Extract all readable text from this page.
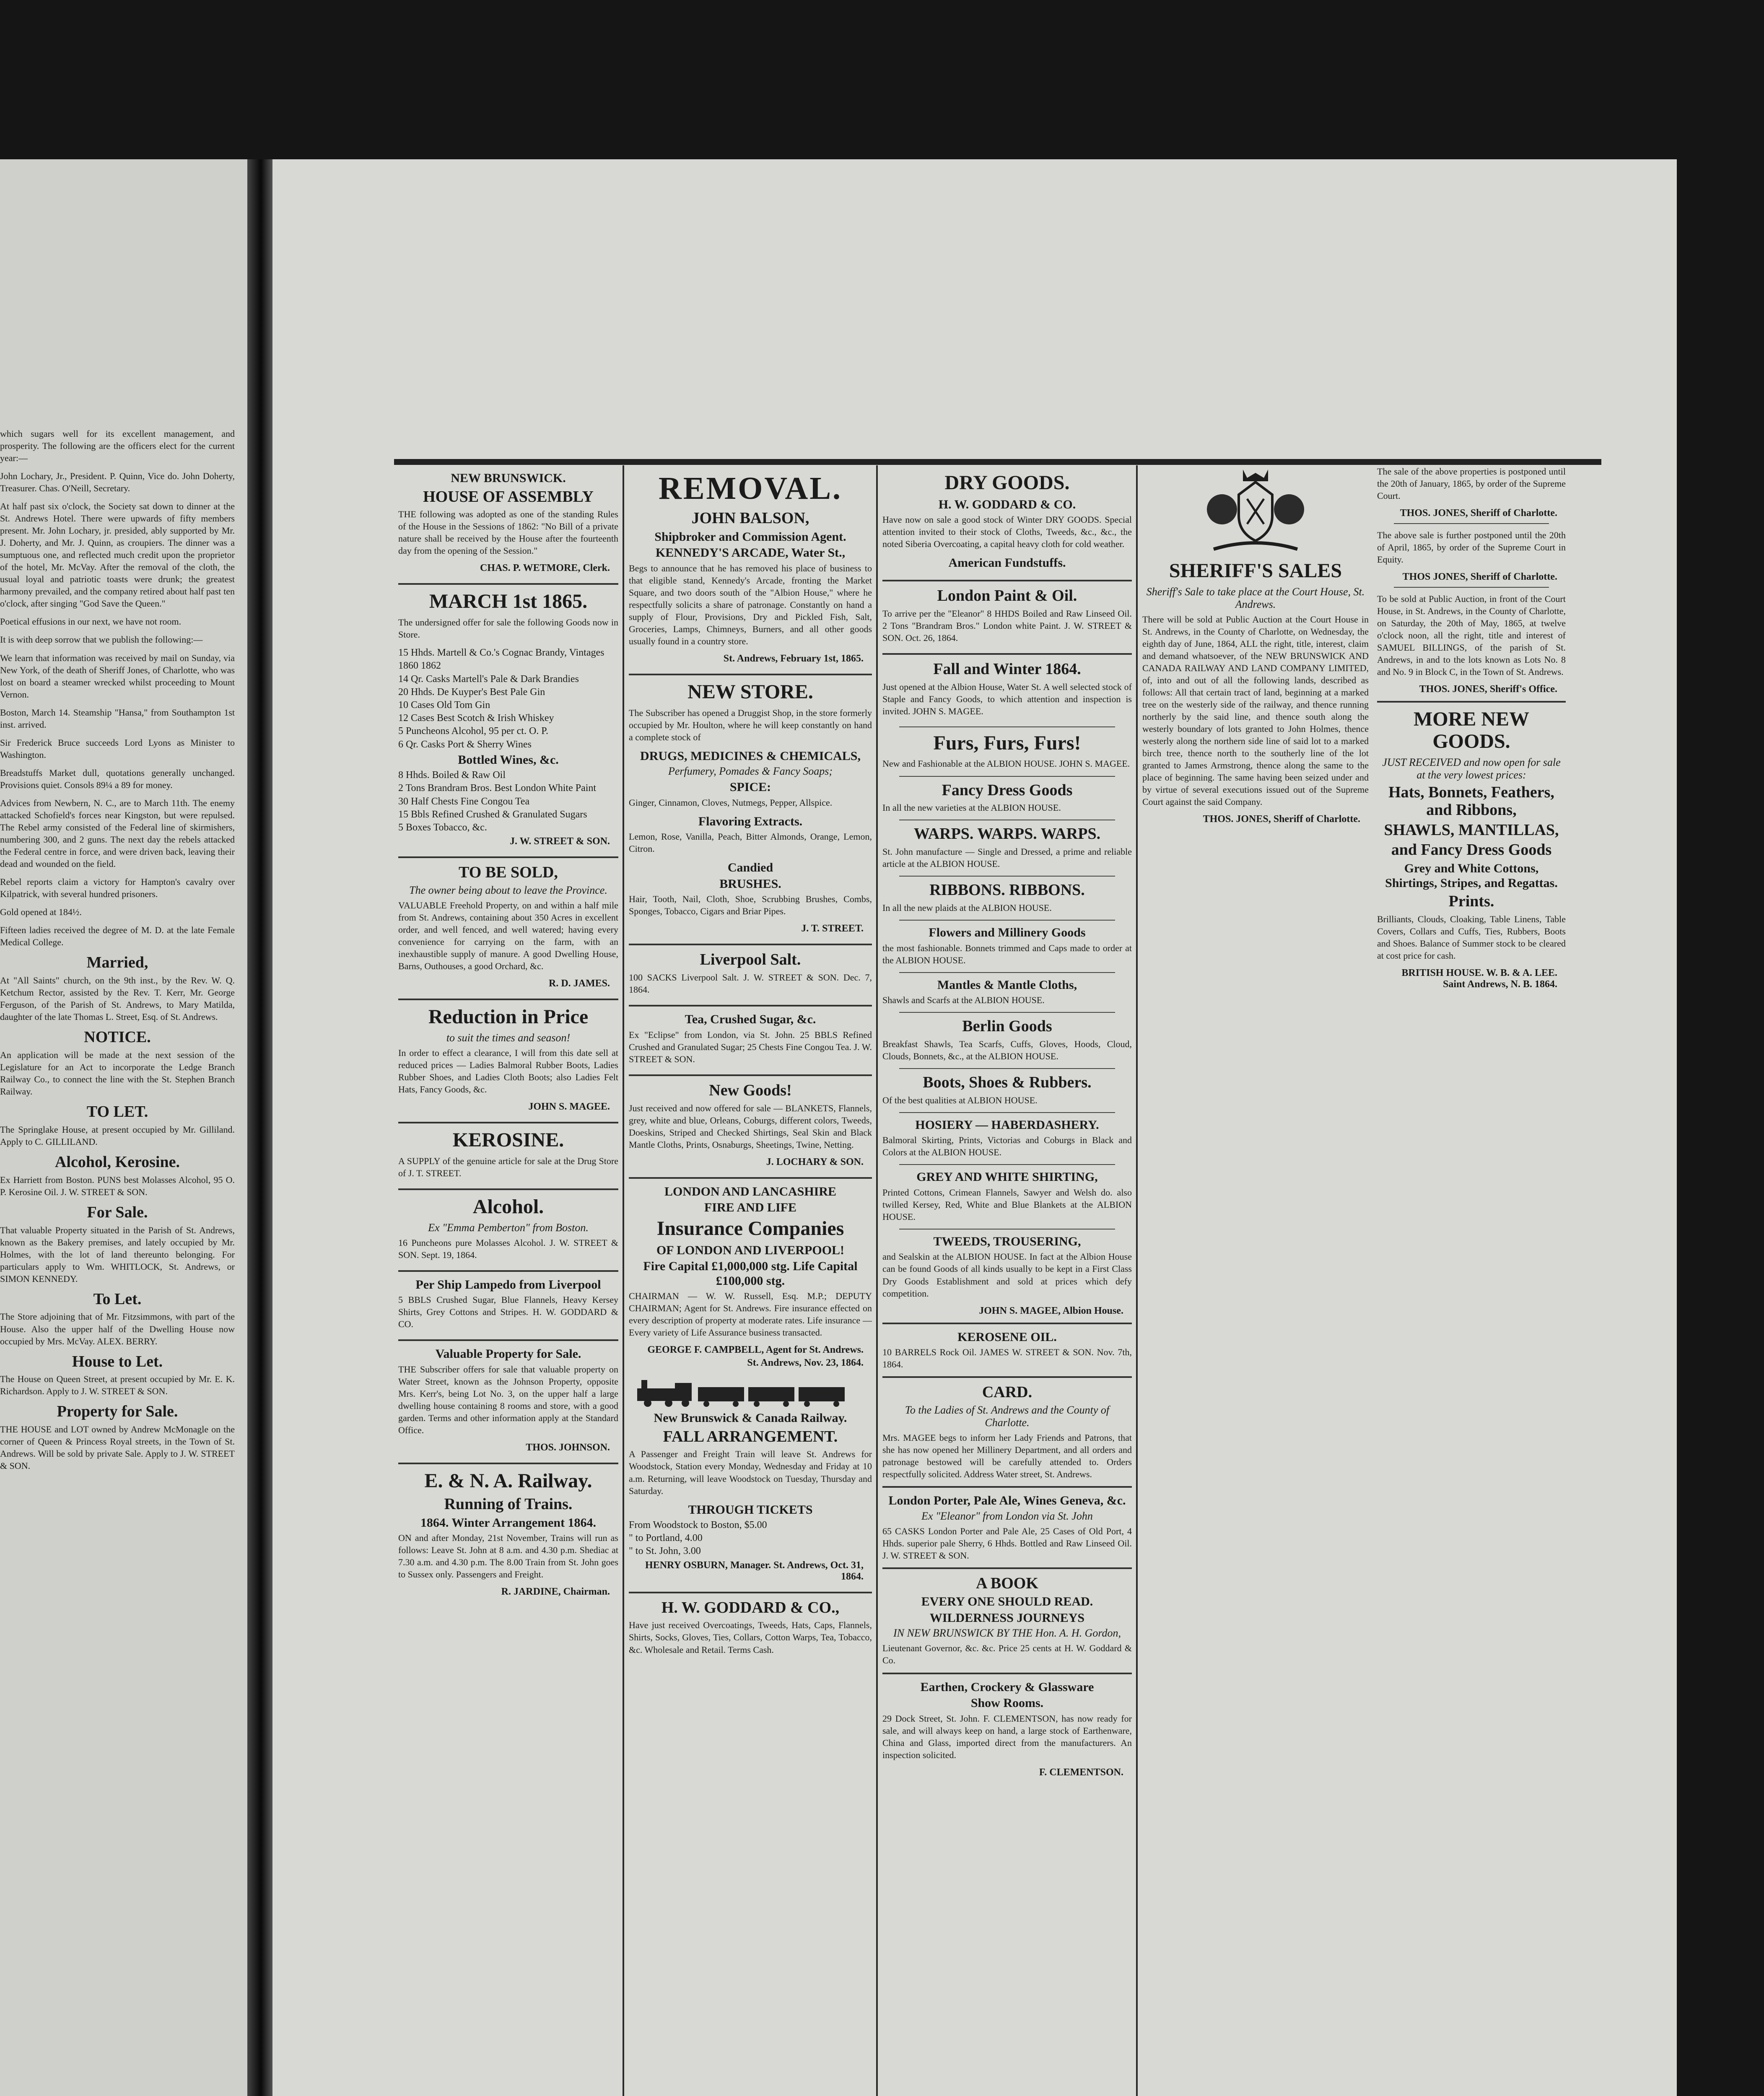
which sugars well for its excellent management, and prosperity. The following are the officers elect for the current year:—

John Lochary, Jr., President. P. Quinn, Vice do. John Doherty, Treasurer. Chas. O'Neill, Secretary.

At half past six o'clock, the Society sat down to dinner at the St. Andrews Hotel. There were upwards of fifty members present. Mr. John Lochary, jr. presided, ably supported by Mr. J. Doherty, and Mr. J. Quinn, as croupiers. The dinner was a sumptuous one, and reflected much credit upon the proprietor of the hotel, Mr. McVay. After the removal of the cloth, the usual loyal and patriotic toasts were drunk; the greatest harmony prevailed, and the company retired about half past ten o'clock, after singing "God Save the Queen."

Poetical effusions in our next, we have not room.

It is with deep sorrow that we publish the following:—

We learn that information was received by mail on Sunday, via New York, of the death of Sheriff Jones, of Charlotte, who was lost on board a steamer wrecked whilst proceeding to Mount Vernon.

Boston, March 14. Steamship "Hansa," from Southampton 1st inst. arrived.

Sir Frederick Bruce succeeds Lord Lyons as Minister to Washington.

Breadstuffs Market dull, quotations generally unchanged. Provisions quiet. Consols 89¼ a 89 for money.

Advices from Newbern, N. C., are to March 11th. The enemy attacked Schofield's forces near Kingston, but were repulsed. The Rebel army consisted of the Federal line of skirmishers, numbering 300, and 2 guns. The next day the rebels attacked the Federal centre in force, and were driven back, leaving their dead and wounded on the field.

Rebel reports claim a victory for Hampton's cavalry over Kilpatrick, with several hundred prisoners.

Gold opened at 184½.

Fifteen ladies received the degree of M. D. at the late Female Medical College.

Married,

At "All Saints" church, on the 9th inst., by the Rev. W. Q. Ketchum Rector, assisted by the Rev. T. Kerr, Mr. George Ferguson, of the Parish of St. Andrews, to Mary Matilda, daughter of the late Thomas L. Street, Esq. of St. Andrews.

NOTICE.

An application will be made at the next session of the Legislature for an Act to incorporate the Ledge Branch Railway Co., to connect the line with the St. Stephen Branch Railway.

TO LET.

The Springlake House, at present occupied by Mr. Gilliland. Apply to C. GILLILAND.

Alcohol, Kerosine.

Ex Harriett from Boston. PUNS best Molasses Alcohol, 95 O. P. Kerosine Oil. J. W. STREET & SON.

For Sale.

That valuable Property situated in the Parish of St. Andrews, known as the Bakery premises, and lately occupied by Mr. Holmes, with the lot of land thereunto belonging. For particulars apply to Wm. WHITLOCK, St. Andrews, or SIMON KENNEDY.

To Let.

The Store adjoining that of Mr. Fitzsimmons, with part of the House. Also the upper half of the Dwelling House now occupied by Mrs. McVay. ALEX. BERRY.

House to Let.

The House on Queen Street, at present occupied by Mr. E. K. Richardson. Apply to J. W. STREET & SON.

Property for Sale.

THE HOUSE and LOT owned by Andrew McMonagle on the corner of Queen & Princess Royal streets, in the Town of St. Andrews. Will be sold by private Sale. Apply to J. W. STREET & SON.

NEW BRUNSWICK.
HOUSE OF ASSEMBLY

THE following was adopted as one of the standing Rules of the House in the Sessions of 1862: "No Bill of a private nature shall be received by the House after the fourteenth day from the opening of the Session."

CHAS. P. WETMORE, Clerk.
MARCH 1st 1865.

The undersigned offer for sale the following Goods now in Store.

15 Hhds. Martell & Co.'s Cognac Brandy, Vintages 1860 1862
14 Qr. Casks Martell's Pale & Dark Brandies
20 Hhds. De Kuyper's Best Pale Gin
10 Cases Old Tom Gin
12 Cases Best Scotch & Irish Whiskey
5 Puncheons Alcohol, 95 per ct. O. P.
6 Qr. Casks Port & Sherry Wines
Bottled Wines, &c.
8 Hhds. Boiled & Raw Oil
2 Tons Brandram Bros. Best London White Paint
30 Half Chests Fine Congou Tea
15 Bbls Refined Crushed & Granulated Sugars
5 Boxes Tobacco, &c.
J. W. STREET & SON.
TO BE SOLD,
The owner being about to leave the Province.

VALUABLE Freehold Property, on and within a half mile from St. Andrews, containing about 350 Acres in excellent order, and well fenced, and well watered; having every convenience for carrying on the farm, with an inexhaustible supply of manure. A good Dwelling House, Barns, Outhouses, a good Orchard, &c.

R. D. JAMES.
Reduction in Price
to suit the times and season!

In order to effect a clearance, I will from this date sell at reduced prices — Ladies Balmoral Rubber Boots, Ladies Rubber Shoes, and Ladies Cloth Boots; also Ladies Felt Hats, Fancy Goods, &c.

JOHN S. MAGEE.
KEROSINE.

A SUPPLY of the genuine article for sale at the Drug Store of J. T. STREET.

Alcohol.
Ex "Emma Pemberton" from Boston.

16 Puncheons pure Molasses Alcohol. J. W. STREET & SON. Sept. 19, 1864.

Per Ship Lampedo from Liverpool

5 BBLS Crushed Sugar, Blue Flannels, Heavy Kersey Shirts, Grey Cottons and Stripes. H. W. GODDARD & CO.

Valuable Property for Sale.

THE Subscriber offers for sale that valuable property on Water Street, known as the Johnson Property, opposite Mrs. Kerr's, being Lot No. 3, on the upper half a large dwelling house containing 8 rooms and store, with a good garden. Terms and other information apply at the Standard Office.

THOS. JOHNSON.
E. & N. A. Railway.
Running of Trains.
1864. Winter Arrangement 1864.

ON and after Monday, 21st November, Trains will run as follows: Leave St. John at 8 a.m. and 4.30 p.m. Shediac at 7.30 a.m. and 4.30 p.m. The 8.00 Train from St. John goes to Sussex only. Passengers and Freight.

R. JARDINE, Chairman.
REMOVAL.
JOHN BALSON,
Shipbroker and Commission Agent.
KENNEDY'S ARCADE, Water St.,

Begs to announce that he has removed his place of business to that eligible stand, Kennedy's Arcade, fronting the Market Square, and two doors south of the "Albion House," where he respectfully solicits a share of patronage. Constantly on hand a supply of Flour, Provisions, Dry and Pickled Fish, Salt, Groceries, Lamps, Chimneys, Burners, and all other goods usually found in a country store.

St. Andrews, February 1st, 1865.
NEW STORE.

The Subscriber has opened a Druggist Shop, in the store formerly occupied by Mr. Houlton, where he will keep constantly on hand a complete stock of

DRUGS, MEDICINES & CHEMICALS,
Perfumery, Pomades & Fancy Soaps;
SPICE:

Ginger, Cinnamon, Cloves, Nutmegs, Pepper, Allspice.

Flavoring Extracts.

Lemon, Rose, Vanilla, Peach, Bitter Almonds, Orange, Lemon, Citron.

Candied
BRUSHES.

Hair, Tooth, Nail, Cloth, Shoe, Scrubbing Brushes, Combs, Sponges, Tobacco, Cigars and Briar Pipes.

J. T. STREET.
Liverpool Salt.

100 SACKS Liverpool Salt. J. W. STREET & SON. Dec. 7, 1864.

Tea, Crushed Sugar, &c.

Ex "Eclipse" from London, via St. John. 25 BBLS Refined Crushed and Granulated Sugar; 25 Chests Fine Congou Tea. J. W. STREET & SON.

New Goods!

Just received and now offered for sale — BLANKETS, Flannels, grey, white and blue, Orleans, Coburgs, different colors, Tweeds, Doeskins, Striped and Checked Shirtings, Seal Skin and Black Mantle Cloths, Prints, Osnaburgs, Sheetings, Twine, Netting.

J. LOCHARY & SON.
LONDON AND LANCASHIRE
FIRE AND LIFE
Insurance Companies
OF LONDON AND LIVERPOOL!
Fire Capital £1,000,000 stg. Life Capital £100,000 stg.

CHAIRMAN — W. W. Russell, Esq. M.P.; DEPUTY CHAIRMAN; Agent for St. Andrews. Fire insurance effected on every description of property at moderate rates. Life insurance — Every variety of Life Assurance business transacted.

GEORGE F. CAMPBELL, Agent for St. Andrews.
St. Andrews, Nov. 23, 1864.
New Brunswick & Canada Railway.
FALL ARRANGEMENT.

A Passenger and Freight Train will leave St. Andrews for Woodstock, Station every Monday, Wednesday and Friday at 10 a.m. Returning, will leave Woodstock on Tuesday, Thursday and Saturday.

THROUGH TICKETS
From Woodstock to Boston, $5.00
" to Portland, 4.00
" to St. John, 3.00
HENRY OSBURN, Manager. St. Andrews, Oct. 31, 1864.
H. W. GODDARD & CO.,

Have just received Overcoatings, Tweeds, Hats, Caps, Flannels, Shirts, Socks, Gloves, Ties, Collars, Cotton Warps, Tea, Tobacco, &c. Wholesale and Retail. Terms Cash.

DRY GOODS.
H. W. GODDARD & CO.

Have now on sale a good stock of Winter DRY GOODS. Special attention invited to their stock of Cloths, Tweeds, &c., &c., the noted Siberia Overcoating, a capital heavy cloth for cold weather.

American Fundstuffs.
London Paint & Oil.

To arrive per the "Eleanor" 8 HHDS Boiled and Raw Linseed Oil. 2 Tons "Brandram Bros." London white Paint. J. W. STREET & SON. Oct. 26, 1864.

Fall and Winter 1864.

Just opened at the Albion House, Water St. A well selected stock of Staple and Fancy Goods, to which attention and inspection is invited. JOHN S. MAGEE.

Furs, Furs, Furs!

New and Fashionable at the ALBION HOUSE. JOHN S. MAGEE.

Fancy Dress Goods

In all the new varieties at the ALBION HOUSE.

WARPS. WARPS. WARPS.

St. John manufacture — Single and Dressed, a prime and reliable article at the ALBION HOUSE.

RIBBONS. RIBBONS.

In all the new plaids at the ALBION HOUSE.

Flowers and Millinery Goods

the most fashionable. Bonnets trimmed and Caps made to order at the ALBION HOUSE.

Mantles & Mantle Cloths,

Shawls and Scarfs at the ALBION HOUSE.

Berlin Goods

Breakfast Shawls, Tea Scarfs, Cuffs, Gloves, Hoods, Cloud, Clouds, Bonnets, &c., at the ALBION HOUSE.

Boots, Shoes & Rubbers.

Of the best qualities at ALBION HOUSE.

HOSIERY — HABERDASHERY.

Balmoral Skirting, Prints, Victorias and Coburgs in Black and Colors at the ALBION HOUSE.

GREY AND WHITE SHIRTING,

Printed Cottons, Crimean Flannels, Sawyer and Welsh do. also twilled Kersey, Red, White and Blue Blankets at the ALBION HOUSE.

TWEEDS, TROUSERING,

and Sealskin at the ALBION HOUSE. In fact at the Albion House can be found Goods of all kinds usually to be kept in a First Class Dry Goods Establishment and sold at prices which defy competition.

JOHN S. MAGEE, Albion House.
KEROSENE OIL.

10 BARRELS Rock Oil. JAMES W. STREET & SON. Nov. 7th, 1864.

CARD.
To the Ladies of St. Andrews and the County of Charlotte.

Mrs. MAGEE begs to inform her Lady Friends and Patrons, that she has now opened her Millinery Department, and all orders and patronage bestowed will be carefully attended to. Orders respectfully solicited. Address Water street, St. Andrews.

London Porter, Pale Ale, Wines Geneva, &c.
Ex "Eleanor" from London via St. John

65 CASKS London Porter and Pale Ale, 25 Cases of Old Port, 4 Hhds. superior pale Sherry, 6 Hhds. Bottled and Raw Linseed Oil. J. W. STREET & SON.

A BOOK
EVERY ONE SHOULD READ.
WILDERNESS JOURNEYS
IN NEW BRUNSWICK BY THE Hon. A. H. Gordon,

Lieutenant Governor, &c. &c. Price 25 cents at H. W. Goddard & Co.

Earthen, Crockery & Glassware
Show Rooms.

29 Dock Street, St. John. F. CLEMENTSON, has now ready for sale, and will always keep on hand, a large stock of Earthenware, China and Glass, imported direct from the manufacturers. An inspection solicited.

F. CLEMENTSON.
SHERIFF'S SALES
Sheriff's Sale to take place at the Court House, St. Andrews.

There will be sold at Public Auction at the Court House in St. Andrews, in the County of Charlotte, on Wednesday, the eighth day of June, 1864, ALL the right, title, interest, claim and demand whatsoever, of the NEW BRUNSWICK AND CANADA RAILWAY AND LAND COMPANY LIMITED, of, into and out of all the following lands, described as follows: All that certain tract of land, beginning at a marked tree on the westerly side of the railway, and thence running northerly by the said line, and thence south along the westerly boundary of lots granted to John Holmes, thence westerly along the northern side line of said lot to a marked birch tree, thence north to the southerly line of the lot granted to James Armstrong, thence along the same to the place of beginning. The same having been seized under and by virtue of several executions issued out of the Supreme Court against the said Company.

THOS. JONES, Sheriff of Charlotte.

The sale of the above properties is postponed until the 20th of January, 1865, by order of the Supreme Court.

THOS. JONES, Sheriff of Charlotte.

The above sale is further postponed until the 20th of April, 1865, by order of the Supreme Court in Equity.

THOS JONES, Sheriff of Charlotte.

To be sold at Public Auction, in front of the Court House, in St. Andrews, in the County of Charlotte, on Saturday, the 20th of May, 1865, at twelve o'clock noon, all the right, title and interest of SAMUEL BILLINGS, of the parish of St. Andrews, in and to the lots known as Lots No. 8 and No. 9 in Block C, in the Town of St. Andrews.

THOS. JONES, Sheriff's Office.
MORE NEW GOODS.
JUST RECEIVED and now open for sale at the very lowest prices:
Hats, Bonnets, Feathers, and Ribbons,
SHAWLS, MANTILLAS,
and Fancy Dress Goods
Grey and White Cottons, Shirtings, Stripes, and Regattas.
Prints.

Brilliants, Clouds, Cloaking, Table Linens, Table Covers, Collars and Cuffs, Ties, Rubbers, Boots and Shoes. Balance of Summer stock to be cleared at cost price for cash.

BRITISH HOUSE. W. B. & A. LEE. Saint Andrews, N. B. 1864.
